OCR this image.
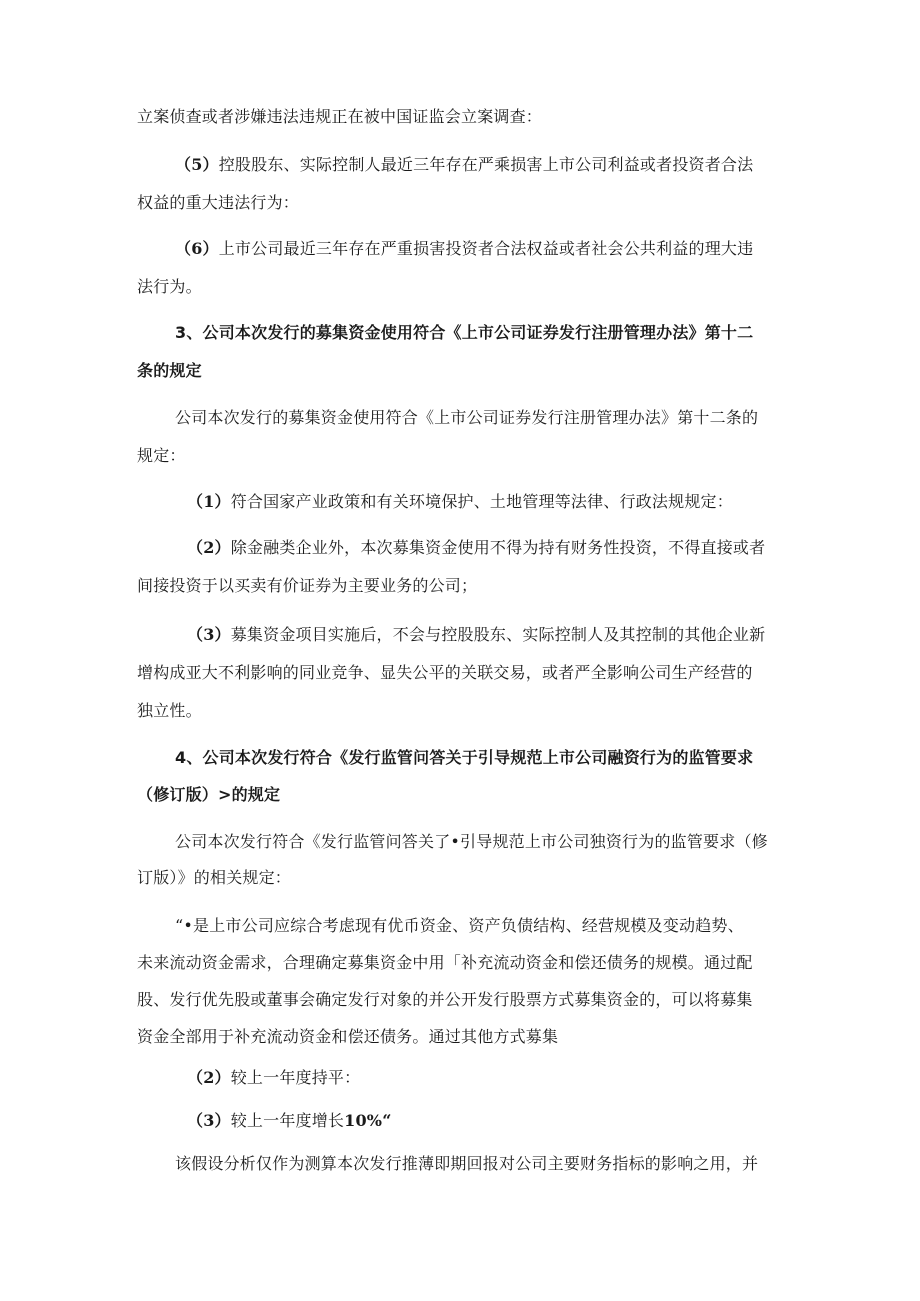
立案侦查或者涉嫌违法违规正在被中国证监会立案调查：
（5）控股股东、实际控制人最近三年存在严乘损害上市公司利益或者投资者合法
权益的重大违法行为：
（6）上市公司最近三年存在严重损害投资者合法权益或者社会公共利益的理大违
法行为。
3、公司本次发行的募集资金使用符合《上市公司证券发行注册管理办法》第十二
条的规定
公司本次发行的募集资金使用符合《上市公司证券发行注册管理办法》第十二条的
规定：
（1）符合国家产业政策和有关环境保护、土地管理等法律、行政法规规定：
（2）除金融类企业外，本次募集资金使用不得为持有财务性投资，不得直接或者
间接投资于以买卖有价证券为主要业务的公司；
（3）募集资金项目实施后，不会与控股股东、实际控制人及其控制的其他企业新
增构成亚大不利影响的同业竞争、显失公平的关联交易，或者严全影响公司生产经营的
独立性。
4、公司本次发行符合《发行监管问答关于引导规范上市公司融资行为的监管要求
（修订版）>的规定
公司本次发行符合《发行监管问答关了•引导规范上市公司独资行为的监管要求（修
订版）》的相关规定：
“•是上市公司应综合考虑现有优币资金、资产负债结构、经营规模及变动趋势、
未来流动资金需求，合理确定募集资金中用「补充流动资金和偿还债务的规模。通过配
股、发行优先股或董事会确定发行对象的并公开发行股票方式募集资金的，可以将募集
资金全部用于补充流动资金和偿还债务。通过其他方式募集
（2）较上一年度持平：
（3）较上一年度增长10%“
该假设分析仅作为测算本次发行推薄即期回报对公司主要财务指标的影响之用，并
